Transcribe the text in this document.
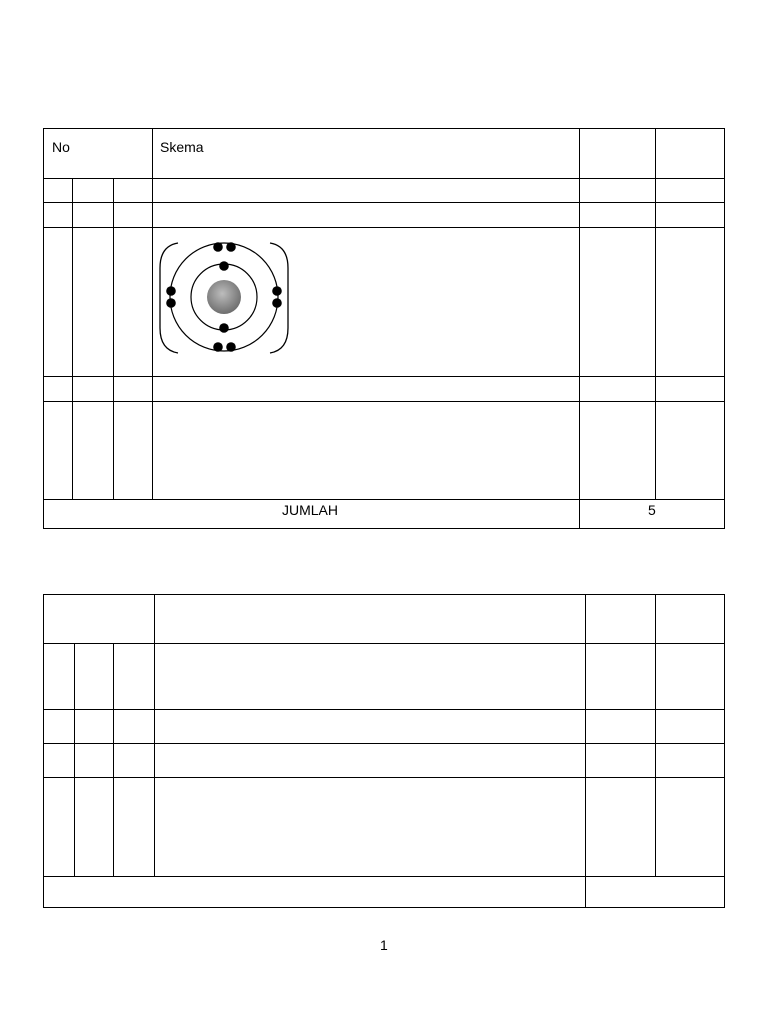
No	Skema
JUMLAH	5
1
